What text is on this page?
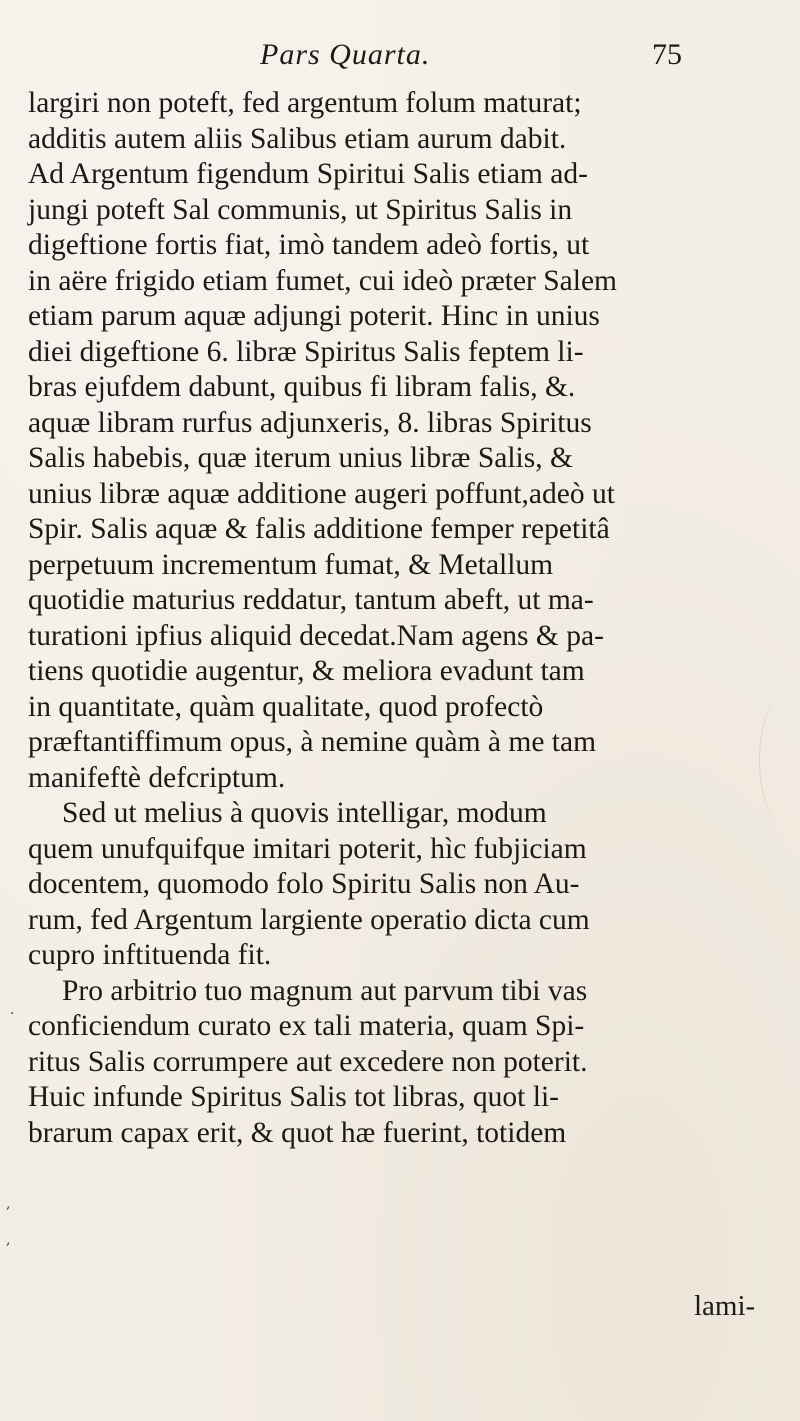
Pars Quarta.	75
largiri non poteft, fed argentum folum maturat;
additis autem aliis Salibus etiam aurum dabit.
Ad Argentum figendum Spiritui Salis etiam ad-
jungi poteft Sal communis, ut Spiritus Salis in
digeftione fortis fiat, imò tandem adeò fortis, ut
in aëre frigido etiam fumet, cui ideò præter Salem
etiam parum aquæ adjungi poterit. Hinc in unius
diei digeftione 6. libræ Spiritus Salis feptem li-
bras ejufdem dabunt, quibus fi libram falis, &.
aquæ libram rurfus adjunxeris, 8. libras Spiritus
Salis habebis, quæ iterum unius libræ Salis, &
unius libræ aquæ additione augeri poffunt,adeò ut
Spir. Salis aquæ & falis additione femper repetitâ
perpetuum incrementum fumat, & Metallum
quotidie maturius reddatur, tantum abeft, ut ma-
turationi ipfius aliquid decedat.Nam agens & pa-
tiens quotidie augentur, & meliora evadunt tam
in quantitate, quàm qualitate, quod profectò
præftantiffimum opus, à nemine quàm à me tam
manifeftè defcriptum.
Sed ut melius à quovis intelligar, modum
quem unufquifque imitari poterit, hìc fubjiciam
docentem, quomodo folo Spiritu Salis non Au-
rum, fed Argentum largiente operatio dicta cum
cupro inftituenda fit.
Pro arbitrio tuo magnum aut parvum tibi vas
conficiendum curato ex tali materia, quam Spi-
ritus Salis corrumpere aut excedere non poterit.
Huic infunde Spiritus Salis tot libras, quot li-
brarum capax erit, & quot hæ fuerint, totidem
lami-
·
,
,
